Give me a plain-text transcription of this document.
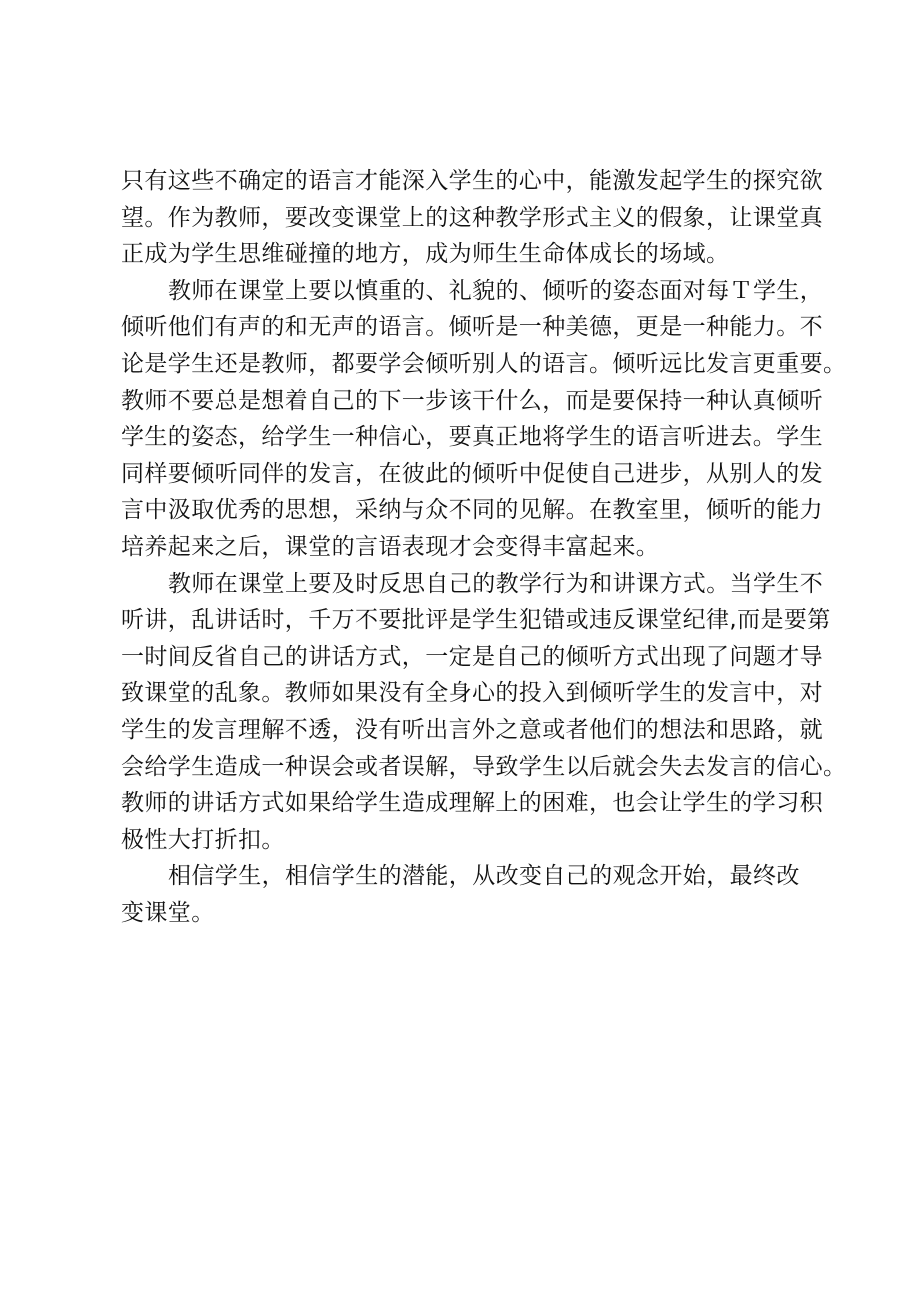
只有这些不确定的语言才能深入学生的心中，能激发起学生的探究欲
望。作为教师，要改变课堂上的这种教学形式主义的假象，让课堂真
正成为学生思维碰撞的地方，成为师生生命体成长的场域。
教师在课堂上要以慎重的、礼貌的、倾听的姿态面对每Ｔ学生，
倾听他们有声的和无声的语言。倾听是一种美德，更是一种能力。不
论是学生还是教师，都要学会倾听别人的语言。倾听远比发言更重要。
教师不要总是想着自己的下一步该干什么，而是要保持一种认真倾听
学生的姿态，给学生一种信心，要真正地将学生的语言听进去。学生
同样要倾听同伴的发言，在彼此的倾听中促使自己进步，从别人的发
言中汲取优秀的思想，采纳与众不同的见解。在教室里，倾听的能力
培养起来之后，课堂的言语表现才会变得丰富起来。
教师在课堂上要及时反思自己的教学行为和讲课方式。当学生不
听讲，乱讲话时，千万不要批评是学生犯错或违反课堂纪律,而是要第
一时间反省自己的讲话方式，一定是自己的倾听方式出现了问题才导
致课堂的乱象。教师如果没有全身心的投入到倾听学生的发言中，对
学生的发言理解不透，没有听出言外之意或者他们的想法和思路，就
会给学生造成一种误会或者误解，导致学生以后就会失去发言的信心。
教师的讲话方式如果给学生造成理解上的困难，也会让学生的学习积
极性大打折扣。
相信学生，相信学生的潜能，从改变自己的观念开始，最终改
变课堂。
